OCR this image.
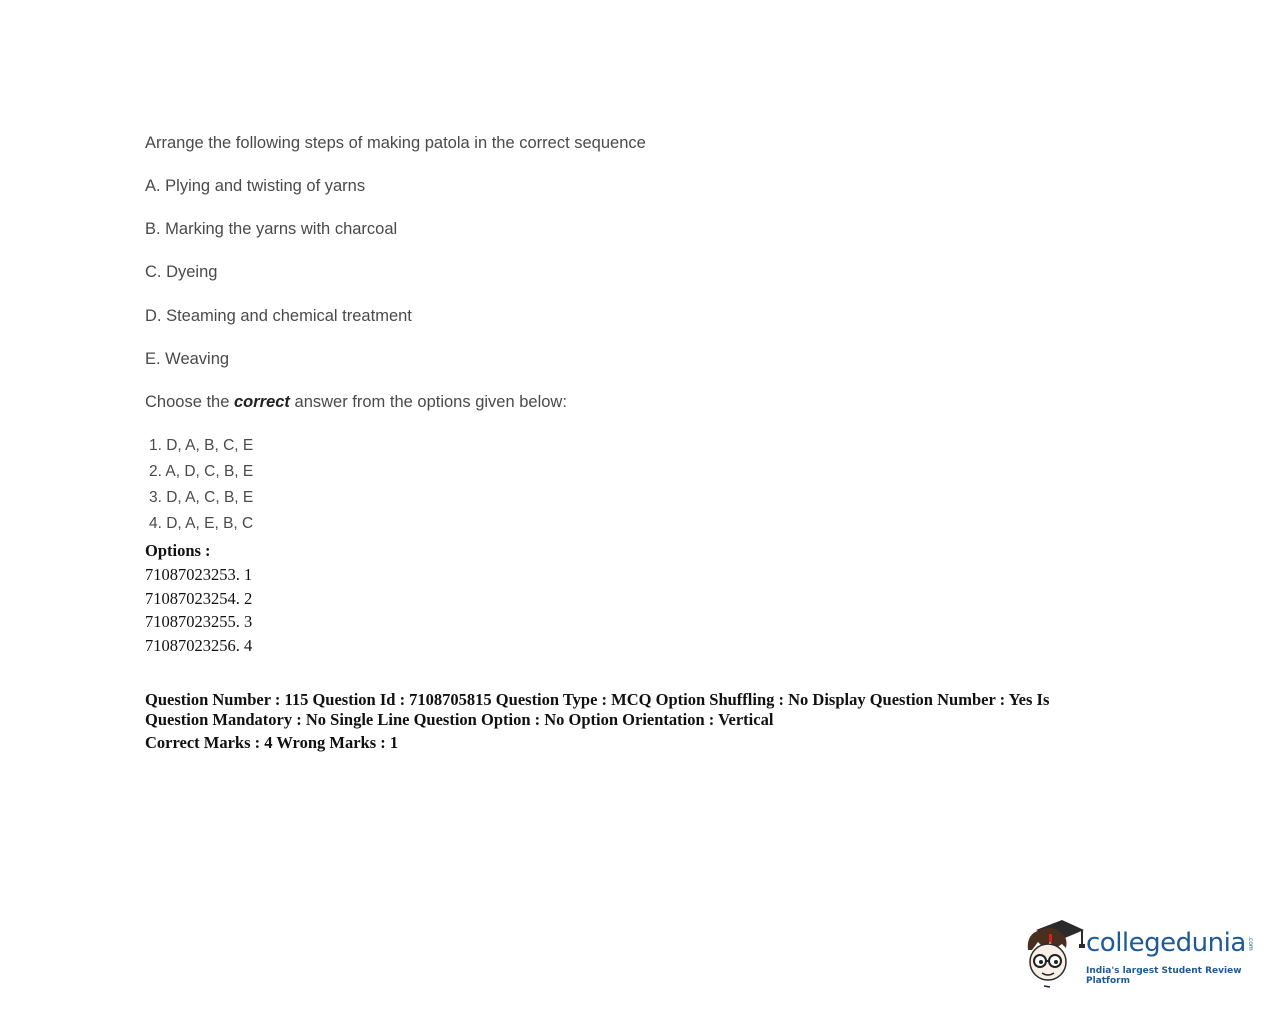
Arrange the following steps of making patola in the correct sequence
A. Plying and twisting of yarns
B. Marking the yarns with charcoal
C. Dyeing
D. Steaming and chemical treatment
E. Weaving
Choose the correct answer from the options given below:
1. D, A, B, C, E
2. A, D, C, B, E
3. D, A, C, B, E
4. D, A, E, B, C
Options :
71087023253. 1
71087023254. 2
71087023255. 3
71087023256. 4
Question Number : 115 Question Id : 7108705815 Question Type : MCQ Option Shuffling : No Display Question Number : Yes Is Question Mandatory : No Single Line Question Option : No Option Orientation : Vertical
Correct Marks : 4 Wrong Marks : 1
collegedunia .com
India's largest Student Review Platform
